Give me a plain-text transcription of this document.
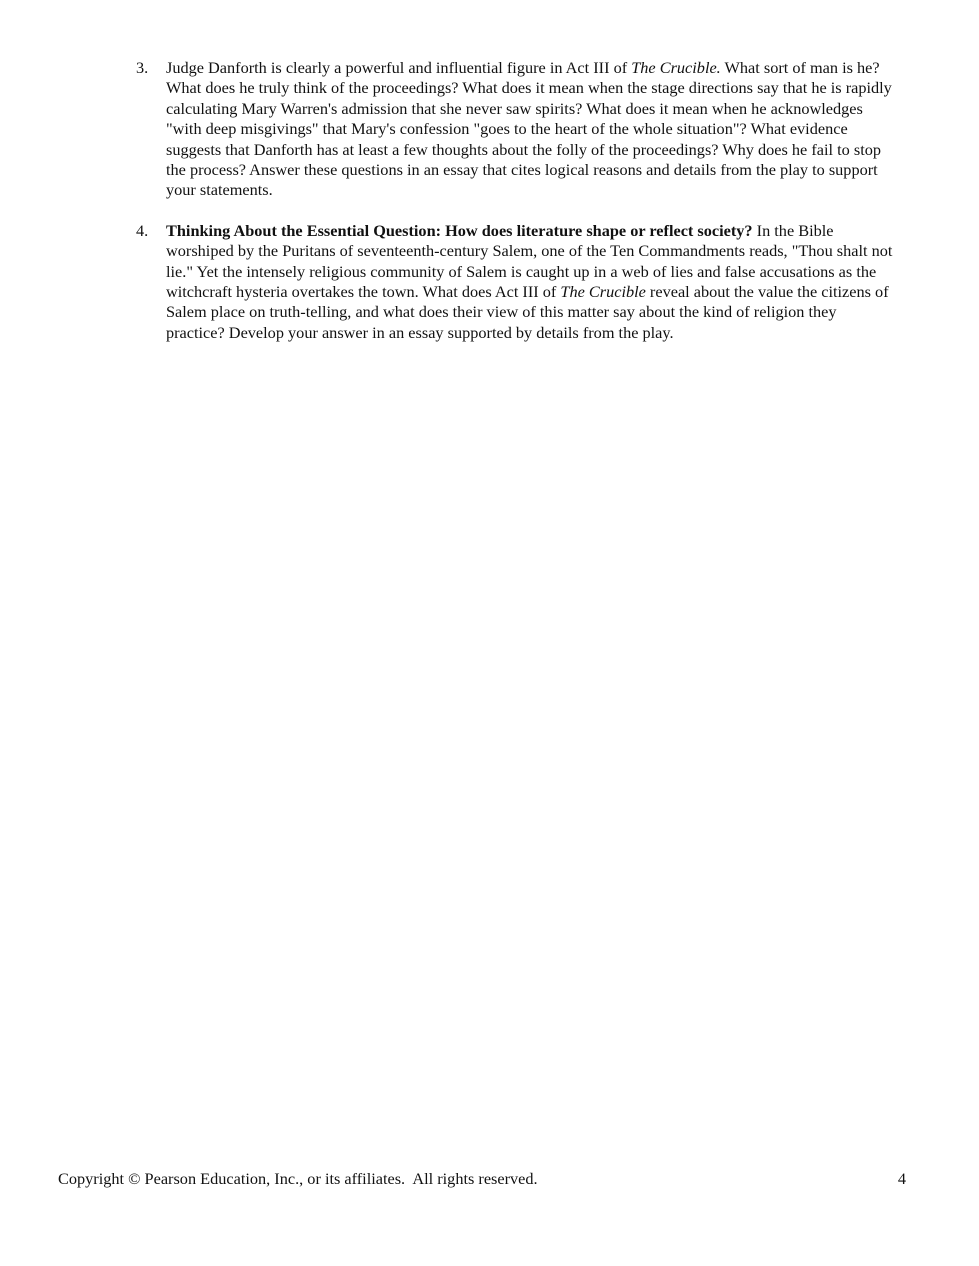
3. Judge Danforth is clearly a powerful and influential figure in Act III of The Crucible. What sort of man is he? What does he truly think of the proceedings? What does it mean when the stage directions say that he is rapidly calculating Mary Warren's admission that she never saw spirits? What does it mean when he acknowledges "with deep misgivings" that Mary's confession "goes to the heart of the whole situation"? What evidence suggests that Danforth has at least a few thoughts about the folly of the proceedings? Why does he fail to stop the process? Answer these questions in an essay that cites logical reasons and details from the play to support your statements.
4. Thinking About the Essential Question: How does literature shape or reflect society? In the Bible worshiped by the Puritans of seventeenth-century Salem, one of the Ten Commandments reads, "Thou shalt not lie." Yet the intensely religious community of Salem is caught up in a web of lies and false accusations as the witchcraft hysteria overtakes the town. What does Act III of The Crucible reveal about the value the citizens of Salem place on truth-telling, and what does their view of this matter say about the kind of religion they practice? Develop your answer in an essay supported by details from the play.
Copyright © Pearson Education, Inc., or its affiliates.  All rights reserved.	4
